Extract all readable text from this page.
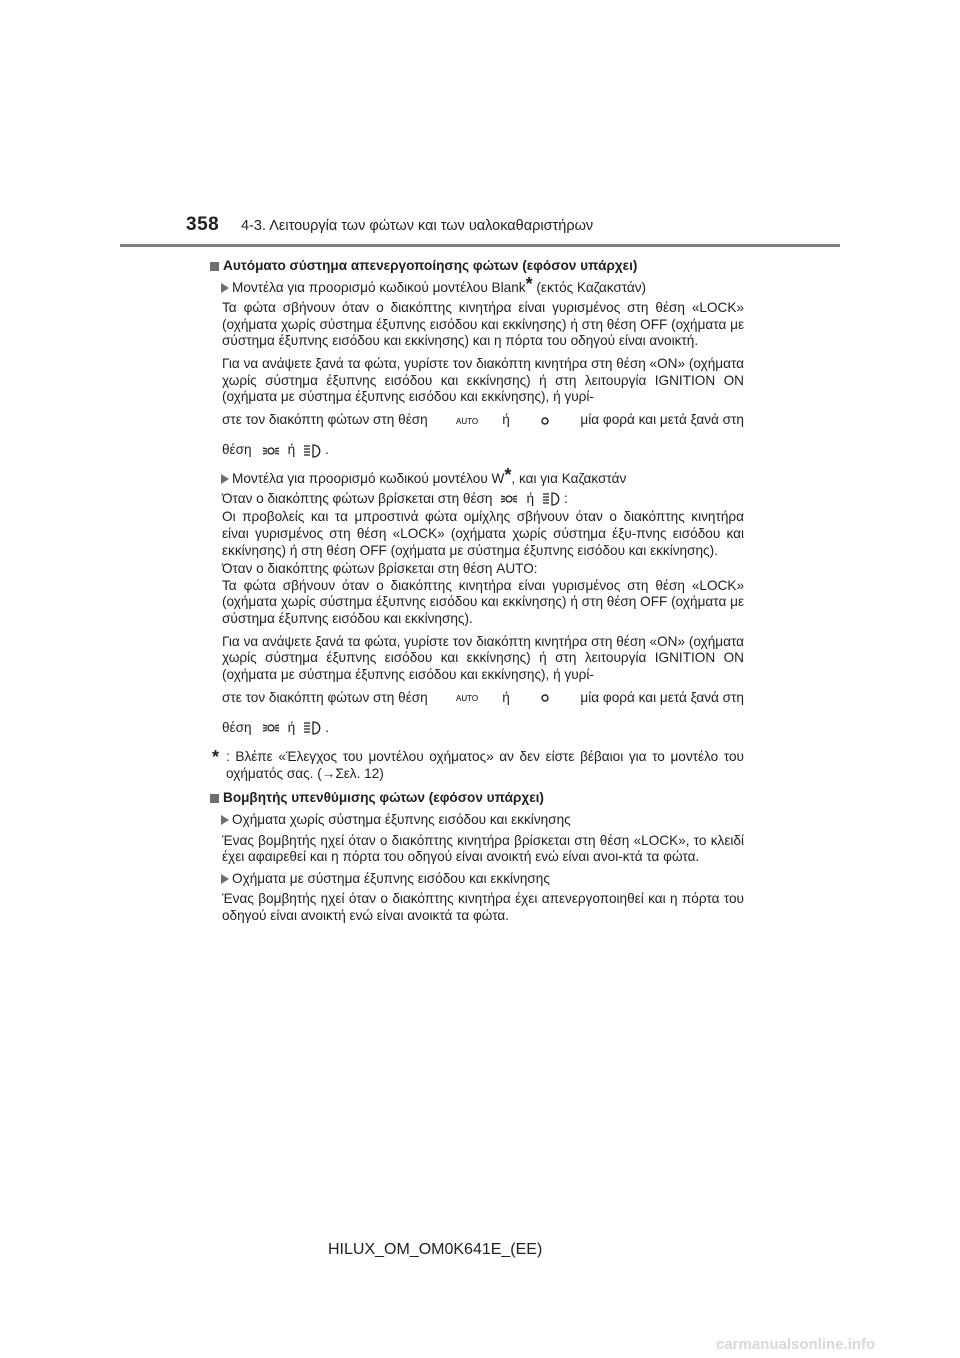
358 4-3. Λειτουργία των φώτων και των υαλοκαθαριστήρων
Αυτόματο σύστημα απενεργοποίησης φώτων (εφόσον υπάρχει)
Μοντέλα για προορισμό κωδικού μοντέλου Blank* (εκτός Καζακστάν)
Τα φώτα σβήνουν όταν ο διακόπτης κινητήρα είναι γυρισμένος στη θέση «LOCK» (οχήματα χωρίς σύστημα έξυπνης εισόδου και εκκίνησης) ή στη θέση OFF (οχήματα με σύστημα έξυπνης εισόδου και εκκίνησης) και η πόρτα του οδηγού είναι ανοικτή.
Για να ανάψετε ξανά τα φώτα, γυρίστε τον διακόπτη κινητήρα στη θέση «ON» (οχήματα χωρίς σύστημα έξυπνης εισόδου και εκκίνησης) ή στη λειτουργία IGNITION ON (οχήματα με σύστημα έξυπνης εισόδου και εκκίνησης), ή γυρί-
στε τον διακόπτη φώτων στη θέση	AUTO ή	μία φορά και μετά ξανά στη
θέση	ή .
Μοντέλα για προορισμό κωδικού μοντέλου W*, και για Καζακστάν
Όταν ο διακόπτης φώτων βρίσκεται στη θέση	ή :
Οι προβολείς και τα μπροστινά φώτα ομίχλης σβήνουν όταν ο διακόπτης κινητήρα είναι γυρισμένος στη θέση «LOCK» (οχήματα χωρίς σύστημα έξυ-πνης εισόδου και εκκίνησης) ή στη θέση OFF (οχήματα με σύστημα έξυπνης εισόδου και εκκίνησης).
Όταν ο διακόπτης φώτων βρίσκεται στη θέση AUTO:
Τα φώτα σβήνουν όταν ο διακόπτης κινητήρα είναι γυρισμένος στη θέση «LOCK» (οχήματα χωρίς σύστημα έξυπνης εισόδου και εκκίνησης) ή στη θέση OFF (οχήματα με σύστημα έξυπνης εισόδου και εκκίνησης).
Για να ανάψετε ξανά τα φώτα, γυρίστε τον διακόπτη κινητήρα στη θέση «ON» (οχήματα χωρίς σύστημα έξυπνης εισόδου και εκκίνησης) ή στη λειτουργία IGNITION ON (οχήματα με σύστημα έξυπνης εισόδου και εκκίνησης), ή γυρί-
στε τον διακόπτη φώτων στη θέση	AUTO ή	μία φορά και μετά ξανά στη
θέση	ή .
* : Βλέπε «Έλεγχος του μοντέλου οχήματος» αν δεν είστε βέβαιοι για το μοντέλο του οχήματός σας. (→Σελ. 12)
Βομβητής υπενθύμισης φώτων (εφόσον υπάρχει)
Οχήματα χωρίς σύστημα έξυπνης εισόδου και εκκίνησης
Ένας βομβητής ηχεί όταν ο διακόπτης κινητήρα βρίσκεται στη θέση «LOCK», το κλειδί έχει αφαιρεθεί και η πόρτα του οδηγού είναι ανοικτή ενώ είναι ανοι-κτά τα φώτα.
Οχήματα με σύστημα έξυπνης εισόδου και εκκίνησης
Ένας βομβητής ηχεί όταν ο διακόπτης κινητήρα έχει απενεργοποιηθεί και η πόρτα του οδηγού είναι ανοικτή ενώ είναι ανοικτά τα φώτα.
HILUX_OM_OM0K641E_(EE)
carmanualsonline.info
